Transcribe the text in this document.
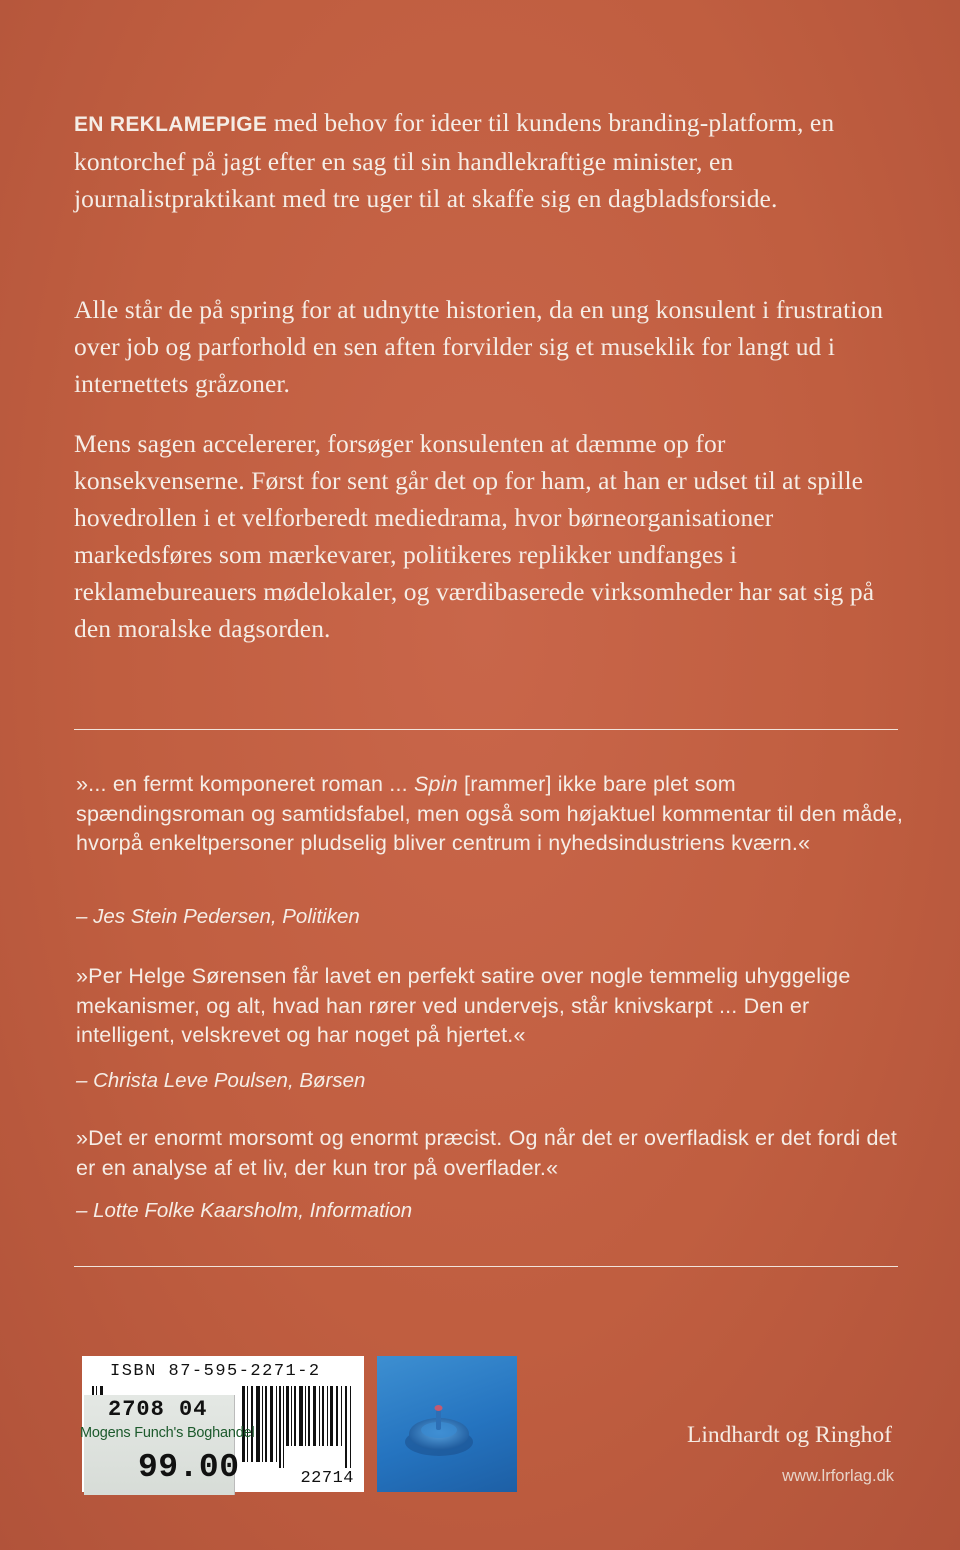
EN REKLAMEPIGE med behov for ideer til kundens branding-platform, en kontorchef på jagt efter en sag til sin handlekraftige minister, en journalistpraktikant med tre uger til at skaffe sig en dagbladsforside.

Alle står de på spring for at udnytte historien, da en ung konsulent i frustration over job og parforhold en sen aften forvilder sig et museklik for langt ud i internettets gråzoner.

Mens sagen accelererer, forsøger konsulenten at dæmme op for konsekvenserne. Først for sent går det op for ham, at han er udset til at spille hovedrollen i et velforberedt mediedrama, hvor børneorganisationer markedsføres som mærkevarer, politikeres replikker undfanges i reklamebureauers mødelokaler, og værdibaserede virksomheder har sat sig på den moralske dagsorden.

»... en fermt komponeret roman ... Spin [rammer] ikke bare plet som spændingsroman og samtidsfabel, men også som højaktuel kommentar til den måde, hvorpå enkeltpersoner pludselig bliver centrum i nyhedsindustriens kværn.«

– Jes Stein Pedersen, Politiken

»Per Helge Sørensen får lavet en perfekt satire over nogle temmelig uhyggelige mekanismer, og alt, hvad han rører ved undervejs, står knivskarpt ... Den er intelligent, velskrevet og har noget på hjertet.«

– Christa Leve Poulsen, Børsen

»Det er enormt morsomt og enormt præcist. Og når det er overfladisk er det fordi det er en analyse af et liv, der kun tror på overflader.«

– Lotte Folke Kaarsholm, Information

ISBN 87-595-2271-2
22714
2708 04
Mogens Funch's Boghandel
99.00

Lindhardt og Ringhof

www.lrforlag.dk
